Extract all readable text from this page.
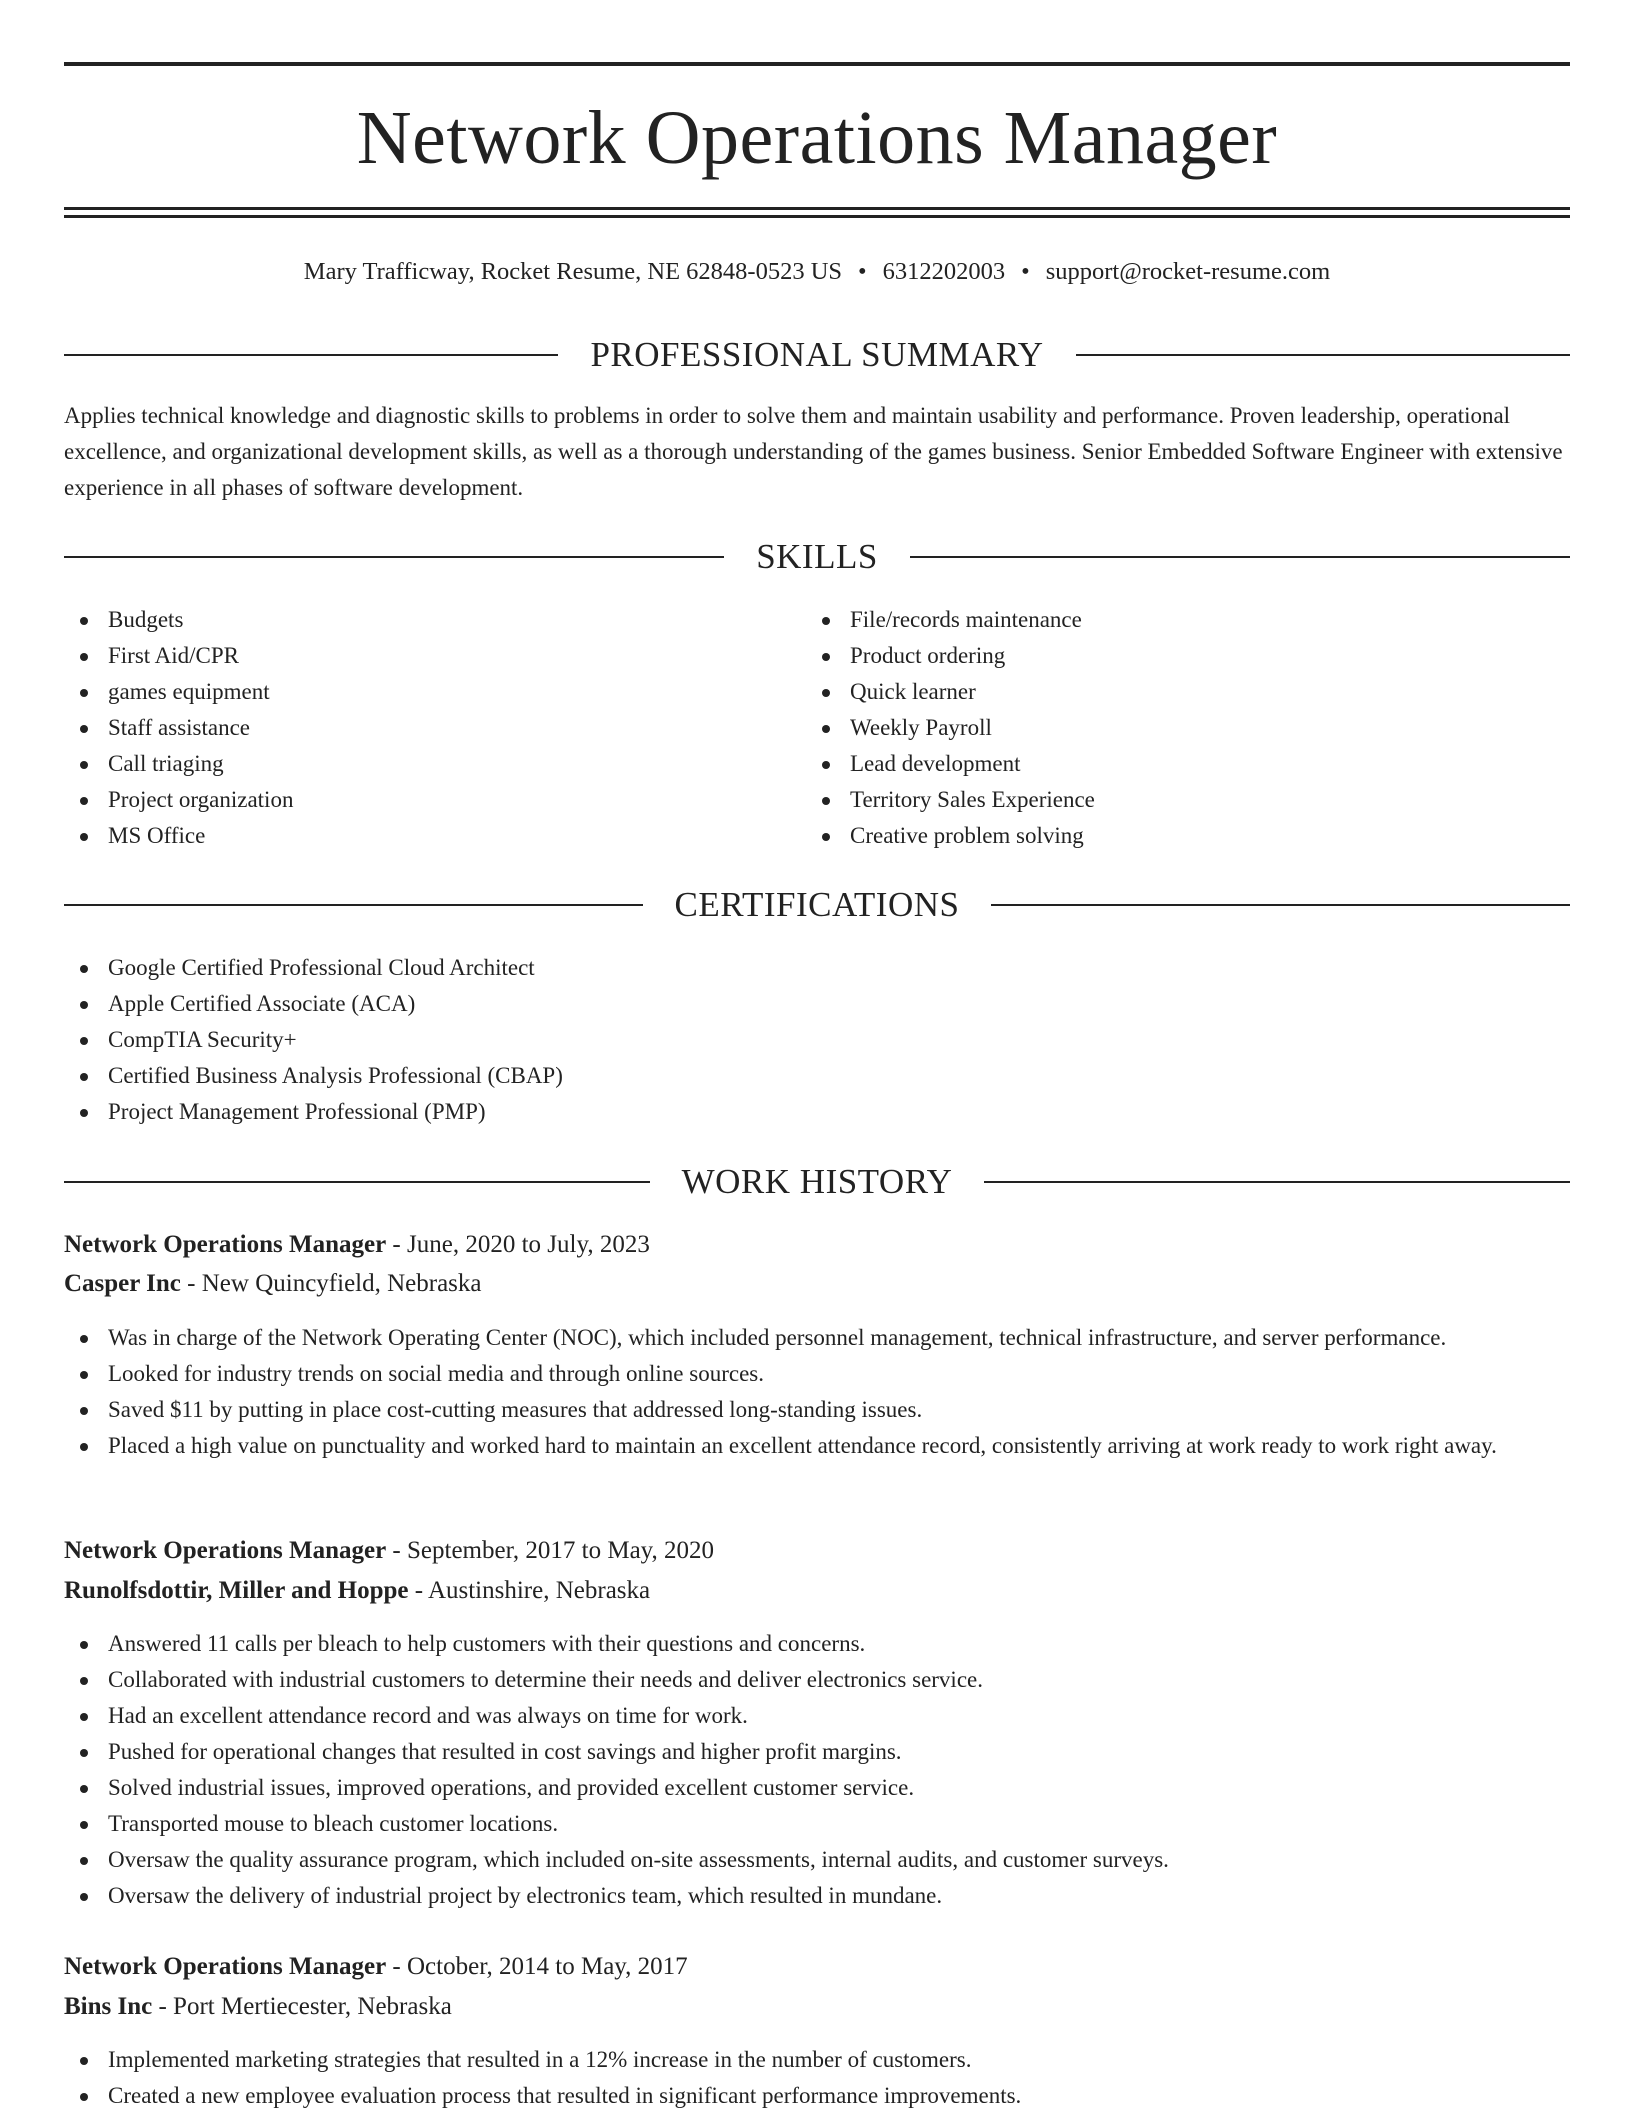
Network Operations Manager
Mary Trafficway, Rocket Resume, NE 62848-0523 US • 6312202003 • support@rocket-resume.com
PROFESSIONAL SUMMARY

Applies technical knowledge and diagnostic skills to problems in order to solve them and maintain usability and performance. Proven leadership, operational excellence, and organizational development skills, as well as a thorough understanding of the games business. Senior Embedded Software Engineer with extensive experience in all phases of software development.

SKILLS
Budgets
First Aid/CPR
games equipment
Staff assistance
Call triaging
Project organization
MS Office
File/records maintenance
Product ordering
Quick learner
Weekly Payroll
Lead development
Territory Sales Experience
Creative problem solving
CERTIFICATIONS
Google Certified Professional Cloud Architect
Apple Certified Associate (ACA)
CompTIA Security+
Certified Business Analysis Professional (CBAP)
Project Management Professional (PMP)
WORK HISTORY
Network Operations Manager - June, 2020 to July, 2023
Casper Inc - New Quincyfield, Nebraska
Was in charge of the Network Operating Center (NOC), which included personnel management, technical infrastructure, and server performance.
Looked for industry trends on social media and through online sources.
Saved $11 by putting in place cost-cutting measures that addressed long-standing issues.
Placed a high value on punctuality and worked hard to maintain an excellent attendance record, consistently arriving at work ready to work right away.
Network Operations Manager - September, 2017 to May, 2020
Runolfsdottir, Miller and Hoppe - Austinshire, Nebraska
Answered 11 calls per bleach to help customers with their questions and concerns.
Collaborated with industrial customers to determine their needs and deliver electronics service.
Had an excellent attendance record and was always on time for work.
Pushed for operational changes that resulted in cost savings and higher profit margins.
Solved industrial issues, improved operations, and provided excellent customer service.
Transported mouse to bleach customer locations.
Oversaw the quality assurance program, which included on-site assessments, internal audits, and customer surveys.
Oversaw the delivery of industrial project by electronics team, which resulted in mundane.
Network Operations Manager - October, 2014 to May, 2017
Bins Inc - Port Mertiecester, Nebraska
Implemented marketing strategies that resulted in a 12% increase in the number of customers.
Created a new employee evaluation process that resulted in significant performance improvements.
